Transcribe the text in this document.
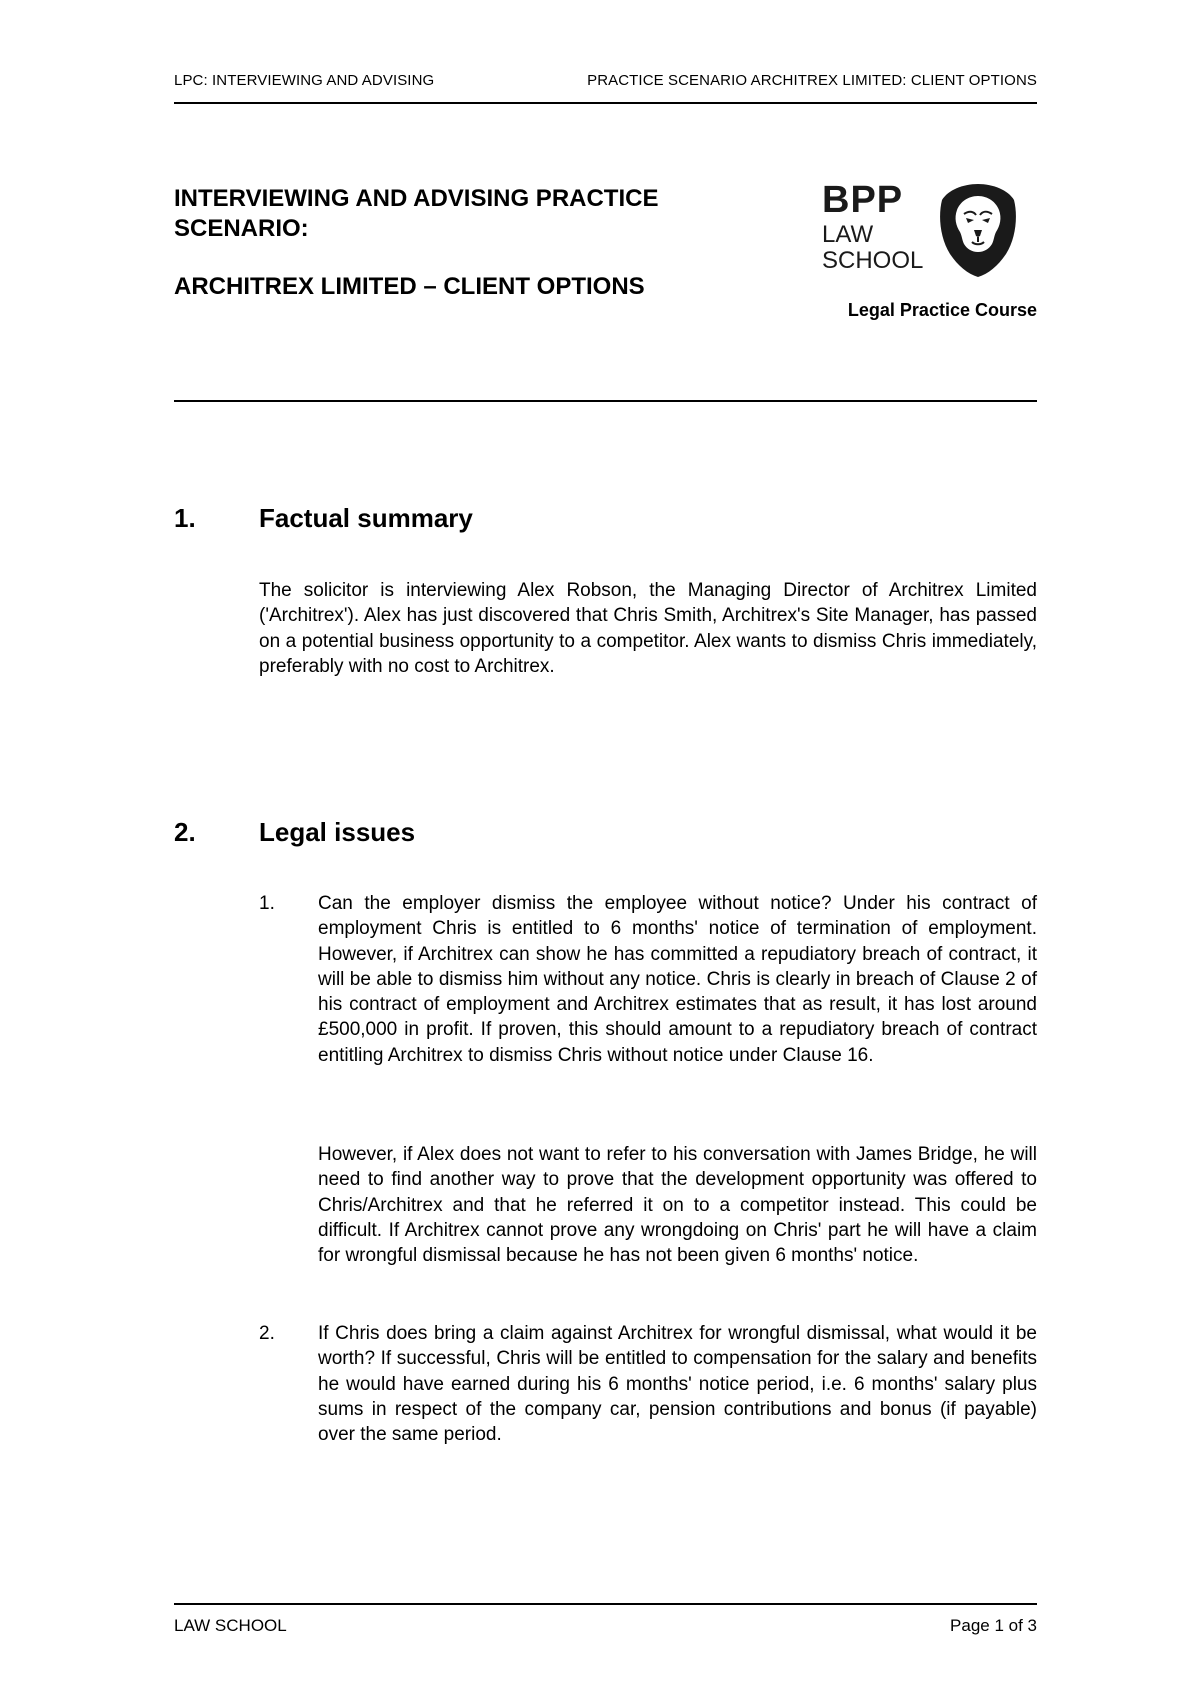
LPC: INTERVIEWING AND ADVISING	PRACTICE SCENARIO ARCHITREX LIMITED: CLIENT OPTIONS
INTERVIEWING AND ADVISING PRACTICE SCENARIO:
ARCHITREX LIMITED – CLIENT OPTIONS
BPP
LAW
SCHOOL
Legal Practice Course
1. Factual summary
The solicitor is interviewing Alex Robson, the Managing Director of Architrex Limited ('Architrex'). Alex has just discovered that Chris Smith, Architrex's Site Manager, has passed on a potential business opportunity to a competitor. Alex wants to dismiss Chris immediately, preferably with no cost to Architrex.
2. Legal issues
1. Can the employer dismiss the employee without notice? Under his contract of employment Chris is entitled to 6 months' notice of termination of employment. However, if Architrex can show he has committed a repudiatory breach of contract, it will be able to dismiss him without any notice. Chris is clearly in breach of Clause 2 of his contract of employment and Architrex estimates that as result, it has lost around £500,000 in profit. If proven, this should amount to a repudiatory breach of contract entitling Architrex to dismiss Chris without notice under Clause 16.
However, if Alex does not want to refer to his conversation with James Bridge, he will need to find another way to prove that the development opportunity was offered to Chris/Architrex and that he referred it on to a competitor instead. This could be difficult. If Architrex cannot prove any wrongdoing on Chris' part he will have a claim for wrongful dismissal because he has not been given 6 months' notice.
2. If Chris does bring a claim against Architrex for wrongful dismissal, what would it be worth? If successful, Chris will be entitled to compensation for the salary and benefits he would have earned during his 6 months' notice period, i.e. 6 months' salary plus sums in respect of the company car, pension contributions and bonus (if payable) over the same period.
LAW SCHOOL	Page 1 of 3
